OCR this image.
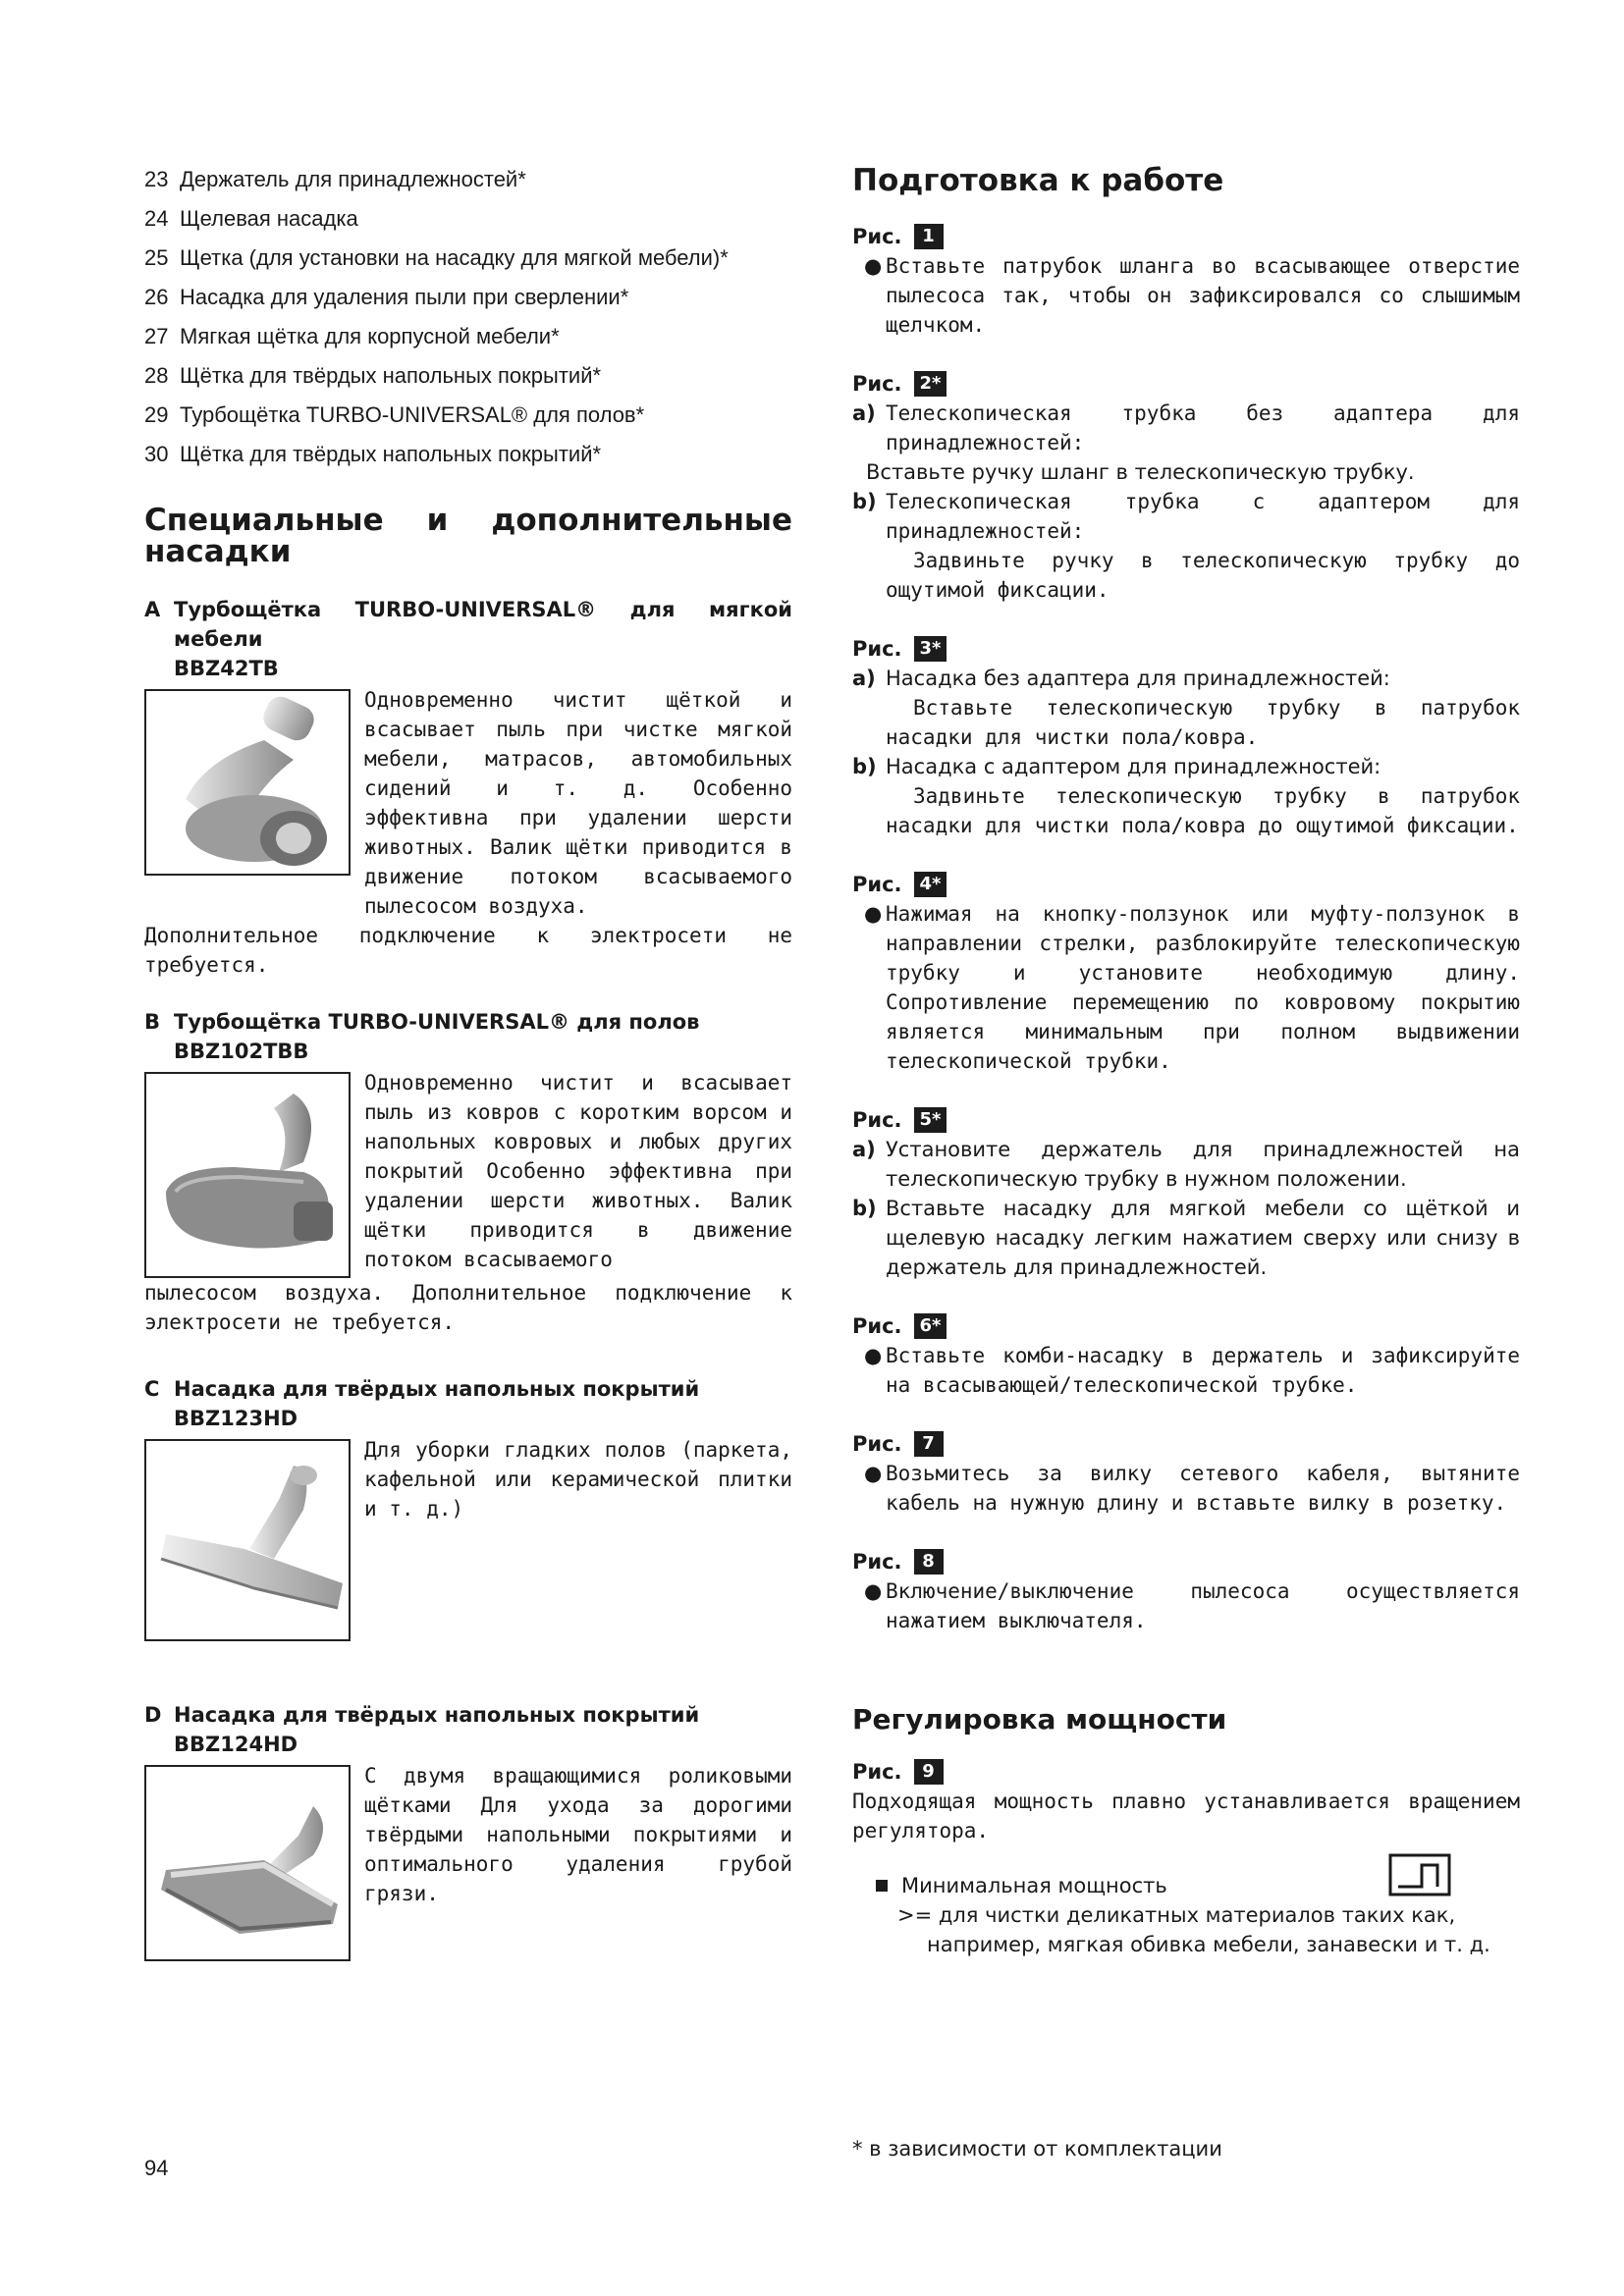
23 Держатель для принадлежностей*
24 Щелевая насадка
25 Щетка (для установки на насадку для мягкой мебели)*
26 Насадка для удаления пыли при сверлении*
27 Мягкая щётка для корпусной мебели*
28 Щётка для твёрдых напольных покрытий*
29 Турбощётка TURBO-UNIVERSAL® для полов*
30 Щётка для твёрдых напольных покрытий*
Специальные и дополнительные насадки
A Турбощётка TURBO-UNIVERSAL® для мягкой мебели
BBZ42TB
Одновременно чистит щёткой и всасывает пыль при чистке мягкой мебели, матрасов, автомобильных сидений и т. д. Особенно эффективна при удалении шерсти животных. Валик щётки приводится в движение потоком всасываемого пылесосом воздуха.
Дополнительное подключение к электросети не требуется.
B Турбощётка TURBO-UNIVERSAL® для полов
BBZ102TBB
Одновременно чистит и всасывает пыль из ковров с коротким ворсом и напольных ковровых и любых других покрытий Особенно эффективна при удалении шерсти животных. Валик щётки приводится в движение потоком всасываемого
пылесосом воздуха. Дополнительное подключение к электросети не требуется.
C Насадка для твёрдых напольных покрытий
BBZ123HD
Для уборки гладких полов (паркета, кафельной или керамической плитки и т. д.)
D Насадка для твёрдых напольных покрытий
BBZ124HD
С двумя вращающимися роликовыми щётками Для ухода за дорогими твёрдыми напольными покрытиями и оптимального удаления грубой грязи.
Подготовка к работе
Рис.	1
● Вставьте патрубок шланга во всасывающее отверстие пылесоса так, чтобы он зафиксировался со слышимым щелчком.
Рис.	2*
a) Телескопическая трубка без адаптера для принадлежностей:
Вставьте ручку шланг в телескопическую трубку.
b) Телескопическая трубка с адаптером для принадлежностей:
Задвиньте ручку в телескопическую трубку до ощутимой фиксации.
Рис.	3*
a) Насадка без адаптера для принадлежностей:
Вставьте телескопическую трубку в патрубок насадки для чистки пола/ковра.
b) Насадка с адаптером для принадлежностей:
Задвиньте телескопическую трубку в патрубок насадки для чистки пола/ковра до ощутимой фиксации.
Рис.	4*
● Нажимая на кнопку-ползунок или муфту-ползунок в направлении стрелки, разблокируйте телескопическую трубку и установите необходимую длину. Сопротивление перемещению по ковровому покрытию является минимальным при полном выдвижении телескопической трубки.
Рис.	5*
a) Установите держатель для принадлежностей на телескопическую трубку в нужном положении.
b) Вставьте насадку для мягкой мебели со щёткой и щелевую насадку легким нажатием сверху или снизу в держатель для принадлежностей.
Рис.	6*
● Вставьте комби-насадку в держатель и зафиксируйте на всасывающей/телескопической трубке.
Рис.	7
● Возьмитесь за вилку сетевого кабеля, вытяните кабель на нужную длину и вставьте вилку в розетку.
Рис.	8
● Включение/выключение пылесоса осуществляется нажатием выключателя.
Регулировка мощности
Рис.	9
Подходящая мощность плавно устанавливается вращением регулятора.
Минимальная мощность
>= для чистки деликатных материалов таких как,
например, мягкая обивка мебели, занавески и т. д.
94
* в зависимости от комплектации
